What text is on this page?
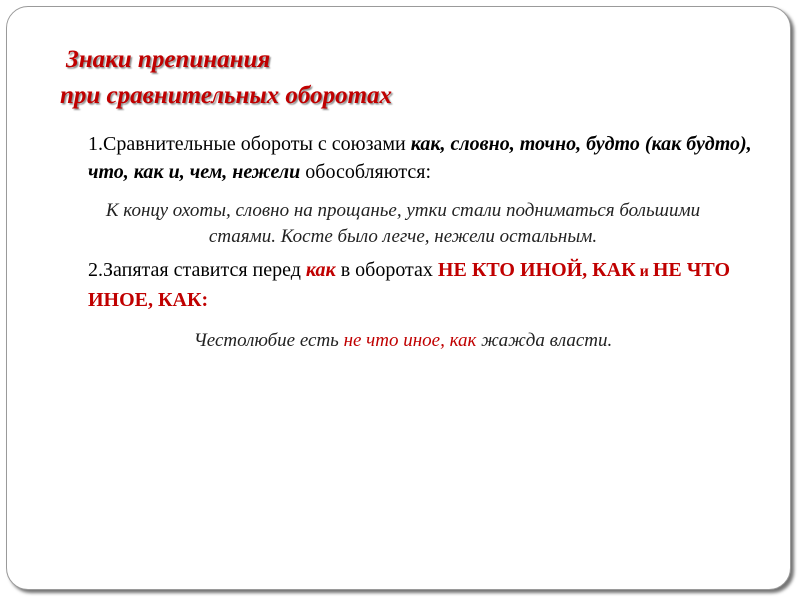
Знаки препинания
при сравнительных оборотах

1.Сравнительные обороты с союзами как, словно, точно, будто (как будто), что, как и, чем, нежели обособляются:

К концу охоты, словно на прощанье, утки стали подниматься большими стаями. Косте было легче, нежели остальным.

2.Запятая ставится перед как в оборотах НЕ КТО ИНОЙ, КАК и НЕ ЧТО ИНОЕ, КАК:

Честолюбие есть не что иное, как жажда власти.
